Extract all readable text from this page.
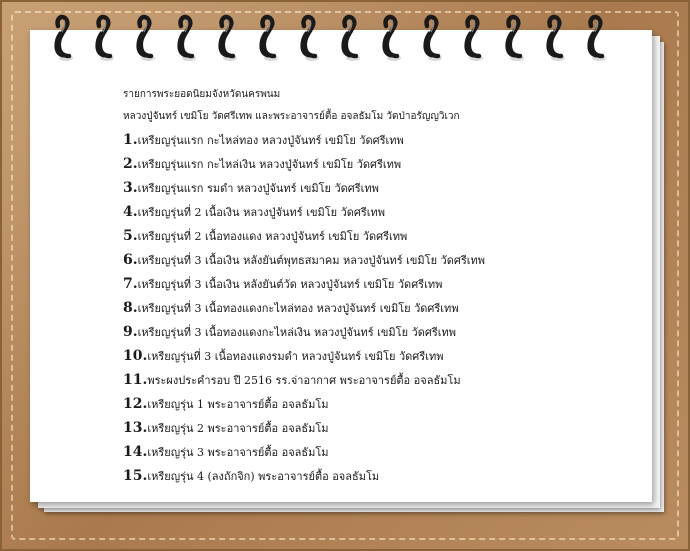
รายการพระยอดนิยมจังหวัดนครพนม
หลวงปู่จันทร์ เขมิโย วัดศรีเทพ และพระอาจารย์ตื้อ อจลธัมโม วัดป่าอรัญญวิเวก
1.เหรียญรุ่นแรก กะไหล่ทอง หลวงปู่จันทร์ เขมิโย วัดศรีเทพ
2.เหรียญรุ่นแรก กะไหล่เงิน หลวงปู่จันทร์ เขมิโย วัดศรีเทพ
3.เหรียญรุ่นแรก รมดำ หลวงปู่จันทร์ เขมิโย วัดศรีเทพ
4.เหรียญรุ่นที่ 2 เนื้อเงิน หลวงปู่จันทร์ เขมิโย วัดศรีเทพ
5.เหรียญรุ่นที่ 2 เนื้อทองแดง หลวงปู่จันทร์ เขมิโย วัดศรีเทพ
6.เหรียญรุ่นที่ 3 เนื้อเงิน หลังยันต์พุทธสมาคม หลวงปู่จันทร์ เขมิโย วัดศรีเทพ
7.เหรียญรุ่นที่ 3 เนื้อเงิน หลังยันต์วัด หลวงปู่จันทร์ เขมิโย วัดศรีเทพ
8.เหรียญรุ่นที่ 3 เนื้อทองแดงกะไหล่ทอง หลวงปู่จันทร์ เขมิโย วัดศรีเทพ
9.เหรียญรุ่นที่ 3 เนื้อทองแดงกะไหล่เงิน หลวงปู่จันทร์ เขมิโย วัดศรีเทพ
10.เหรียญรุ่นที่ 3 เนื้อทองแดงรมดำ หลวงปู่จันทร์ เขมิโย วัดศรีเทพ
11.พระผงประคำรอบ ปี 2516 รร.จ่าอากาศ พระอาจารย์ตื้อ อจลธัมโม
12.เหรียญรุ่น 1 พระอาจารย์ตื้อ อจลธัมโม
13.เหรียญรุ่น 2 พระอาจารย์ตื้อ อจลธัมโม
14.เหรียญรุ่น 3 พระอาจารย์ตื้อ อจลธัมโม
15.เหรียญรุ่น 4 (ลงถักจิก) พระอาจารย์ตื้อ อจลธัมโม
